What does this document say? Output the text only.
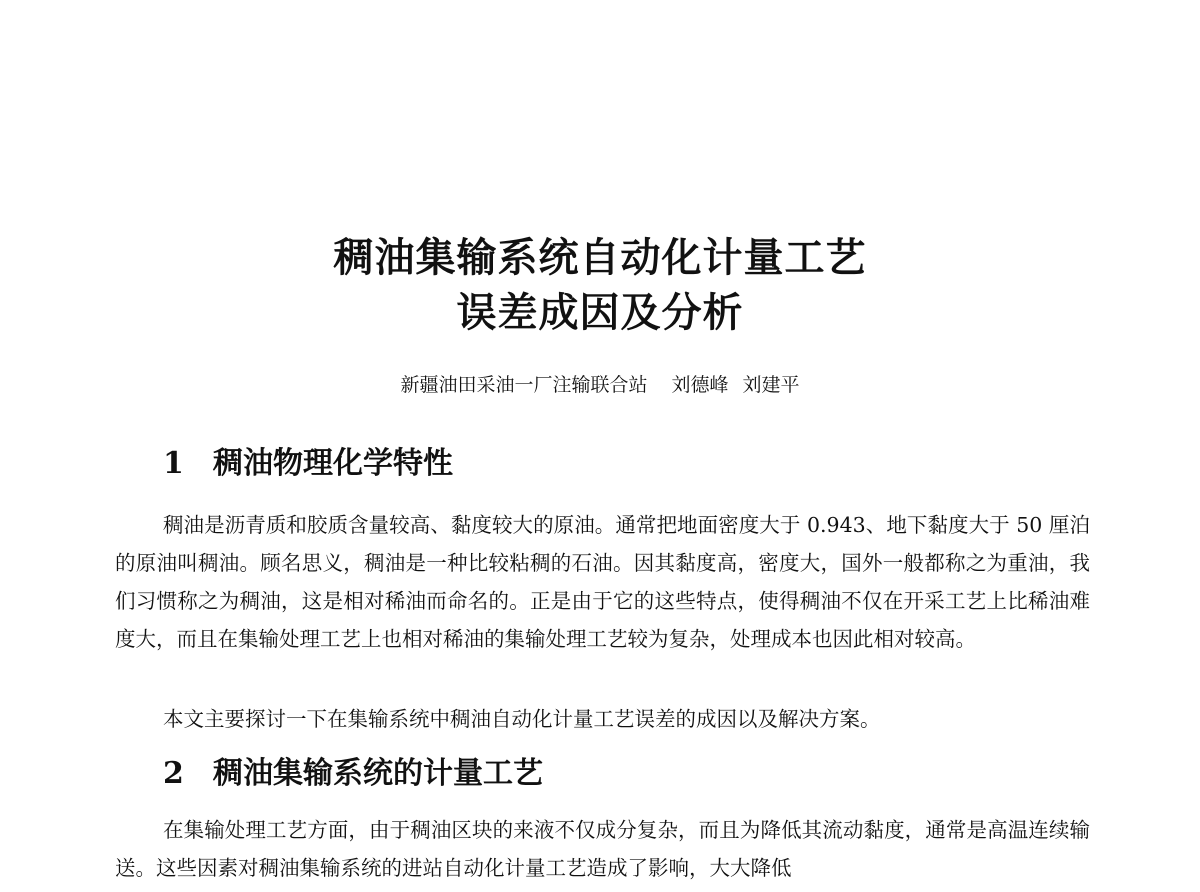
稠油集输系统自动化计量工艺
误差成因及分析
新疆油田采油一厂注输联合站 刘德峰 刘建平
1 稠油物理化学特性

稠油是沥青质和胶质含量较高、黏度较大的原油。通常把地面密度大于 0.943、地下黏度大于 50 厘泊的原油叫稠油。顾名思义，稠油是一种比较粘稠的石油。因其黏度高，密度大，国外一般都称之为重油，我们习惯称之为稠油，这是相对稀油而命名的。正是由于它的这些特点，使得稠油不仅在开采工艺上比稀油难度大，而且在集输处理工艺上也相对稀油的集输处理工艺较为复杂，处理成本也因此相对较高。

本文主要探讨一下在集输系统中稠油自动化计量工艺误差的成因以及解决方案。

2 稠油集输系统的计量工艺

在集输处理工艺方面，由于稠油区块的来液不仅成分复杂，而且为降低其流动黏度，通常是高温连续输送。这些因素对稠油集输系统的进站自动化计量工艺造成了影响，大大降低
